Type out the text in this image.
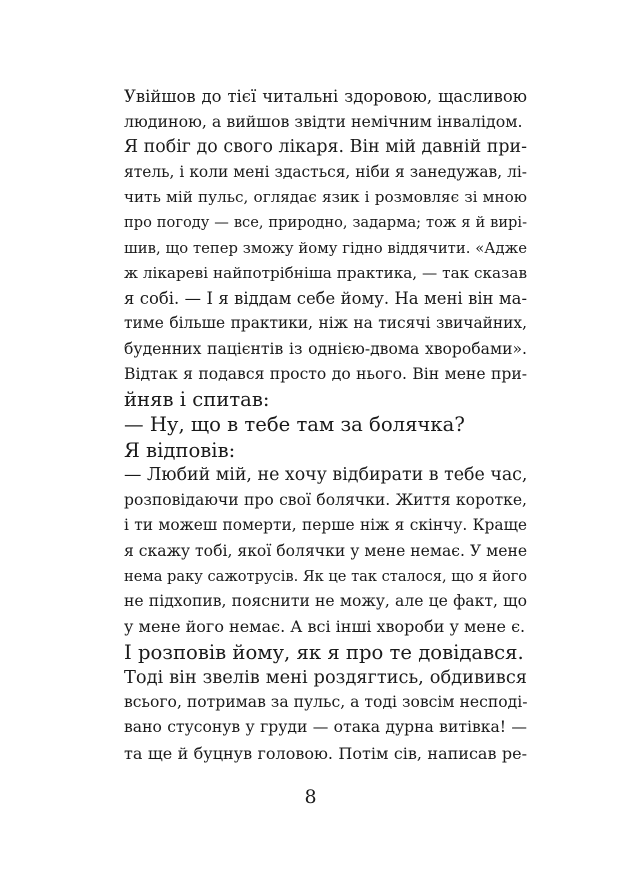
Увійшов до тієї читальні здоровою, щасливою
людиною, а вийшов звідти немічним інвалідом.

Я побіг до свого лікаря. Він мій давній при-
ятель, і коли мені здасться, ніби я занедужав, лі-
чить мій пульс, оглядає язик і розмовляє зі мною
про погоду — все, природно, задарма; тож я й вирі-
шив, що тепер зможу йому гідно віддячити. «Адже
ж лікареві найпотрібніша практика, — так сказав
я собі. — І я віддам себе йому. На мені він ма-
тиме більше практики, ніж на тисячі звичайних,
буденних пацієнтів із однією-двома хворобами».
Відтак я подався просто до нього. Він мене при-
йняв і спитав:

— Ну, що в тебе там за болячка?

Я відповів:

— Любий мій, не хочу відбирати в тебе час,
розповідаючи про свої болячки. Життя коротке,
і ти можеш померти, перше ніж я скінчу. Краще
я скажу тобі, якої болячки у мене немає. У мене
нема раку сажотрусів. Як це так сталося, що я його
не підхопив, пояснити не можу, але це факт, що
у мене його немає. А всі інші хвороби у мене є.

І розповів йому, як я про те довідався.

Тоді він звелів мені роздягтись, обдивився
всього, потримав за пульс, а тоді зовсім несподі-
вано стусонув у груди — отака дурна витівка! —
та ще й буцнув головою. Потім сів, написав ре-

8
